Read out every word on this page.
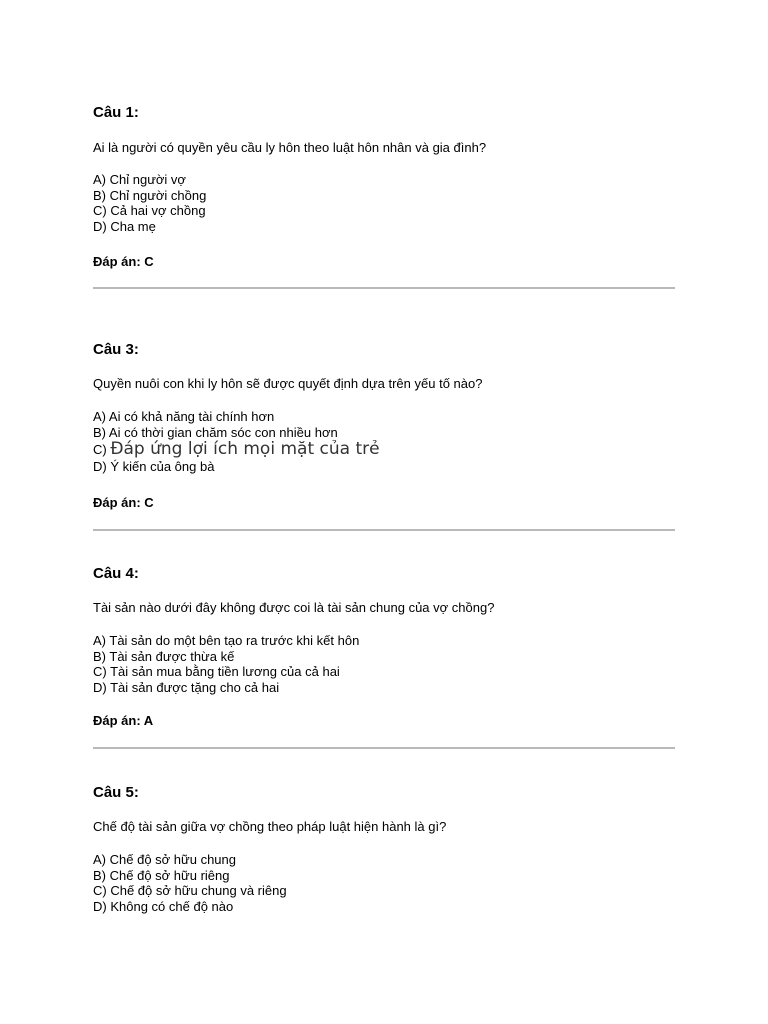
Câu 1:
Ai là người có quyền yêu cầu ly hôn theo luật hôn nhân và gia đình?
A) Chỉ người vợ
B) Chỉ người chồng
C) Cả hai vợ chồng
D) Cha mẹ
Đáp án: C
Câu 3:
Quyền nuôi con khi ly hôn sẽ được quyết định dựa trên yếu tố nào?
A) Ai có khả năng tài chính hơn
B) Ai có thời gian chăm sóc con nhiều hơn
C) Đáp ứng lợi ích mọi mặt của trẻ
D) Ý kiến của ông bà
Đáp án: C
Câu 4:
Tài sản nào dưới đây không được coi là tài sản chung của vợ chồng?
A) Tài sản do một bên tạo ra trước khi kết hôn
B) Tài sản được thừa kế
C) Tài sản mua bằng tiền lương của cả hai
D) Tài sản được tặng cho cả hai
Đáp án: A
Câu 5:
Chế độ tài sản giữa vợ chồng theo pháp luật hiện hành là gì?
A) Chế độ sở hữu chung
B) Chế độ sở hữu riêng
C) Chế độ sở hữu chung và riêng
D) Không có chế độ nào
